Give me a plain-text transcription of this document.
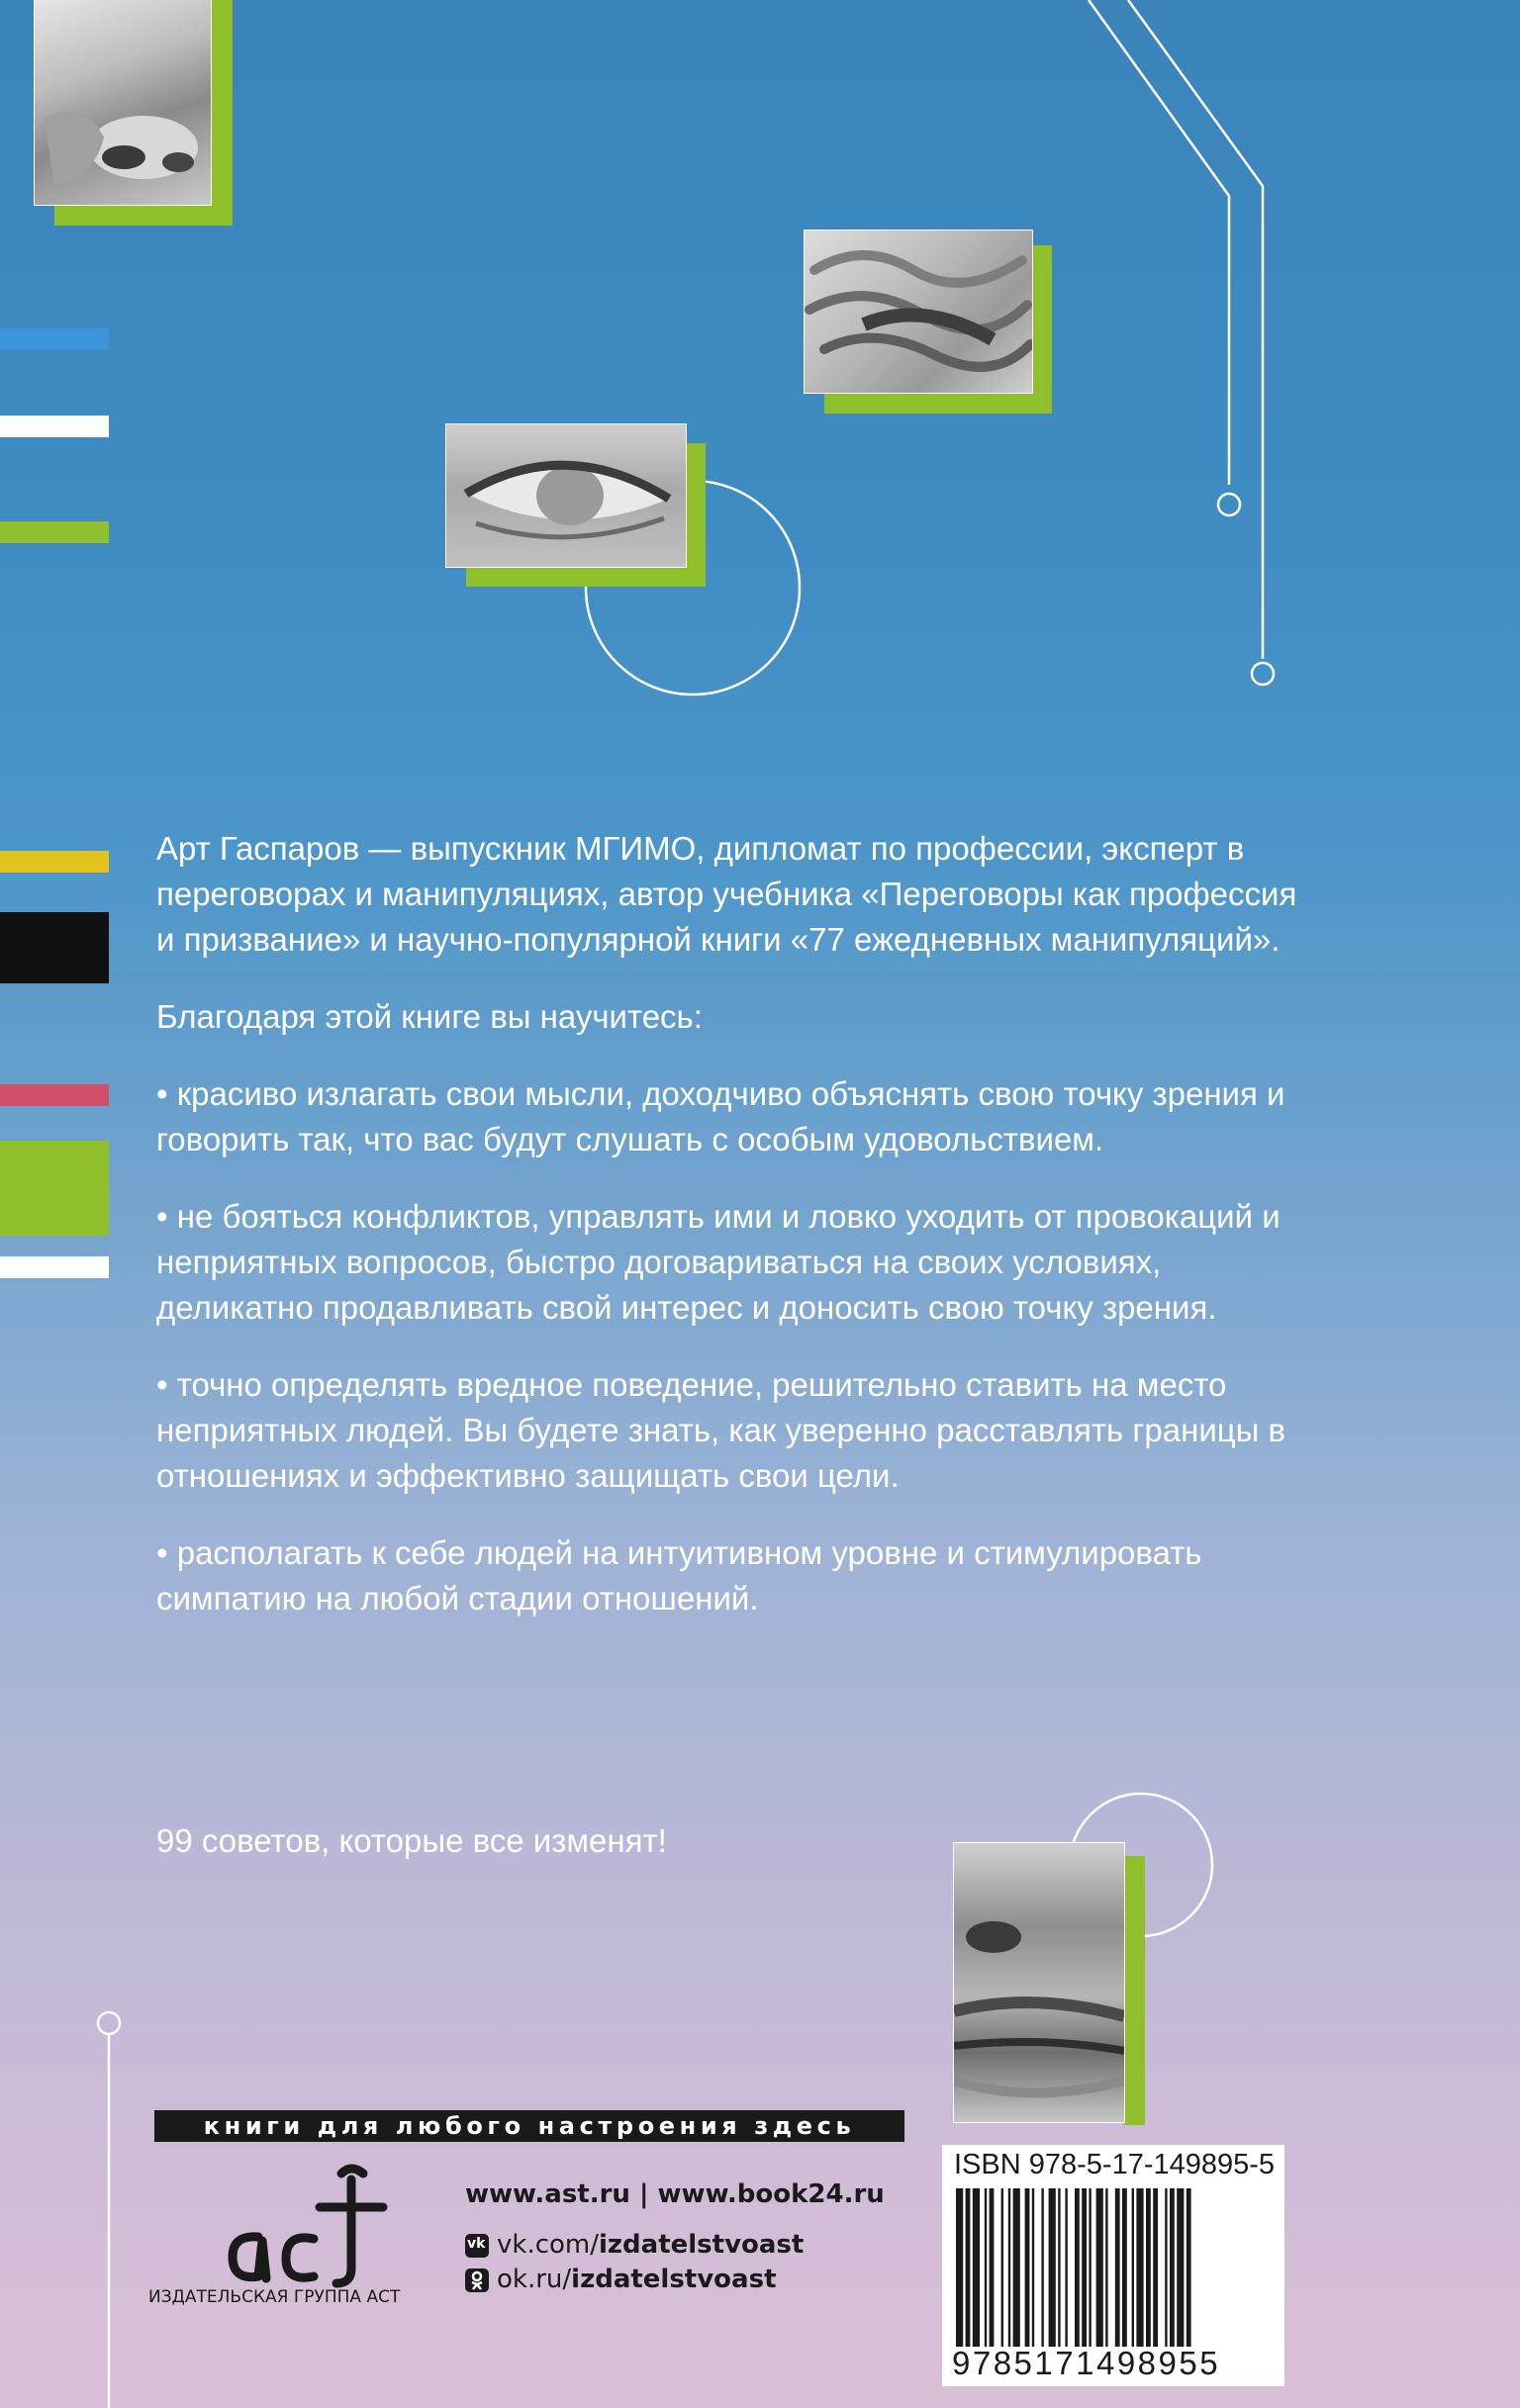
Арт Гаспаров — выпускник МГИМО, дипломат по профессии, эксперт в переговорах и манипуляциях, автор учебника «Переговоры как профессия и призвание» и научно-популярной книги «77 ежедневных манипуляций».

Благодаря этой книге вы научитесь:

• красиво излагать свои мысли, доходчиво объяснять свою точку зрения и говорить так, что вас будут слушать с особым удовольствием.

• не бояться конфликтов, управлять ими и ловко уходить от провокаций и неприятных вопросов, быстро договариваться на своих условиях, деликатно продавливать свой интерес и доносить свою точку зрения.

• точно определять вредное поведение, решительно ставить на место неприятных людей. Вы будете знать, как уверенно расставлять границы в отношениях и эффективно защищать свои цели.

• располагать к себе людей на интуитивном уровне и стимулировать симпатию на любой стадии отношений.

99 советов, которые все изменят!
книги для любого настроения здесь
ИЗДАТЕЛЬСКАЯ ГРУППА АСТ
www.ast.ru | www.book24.ru
vk vk.com/izdatelstvoast
ok.ru/izdatelstvoast
ISBN 978-5-17-149895-5
9785171498955
